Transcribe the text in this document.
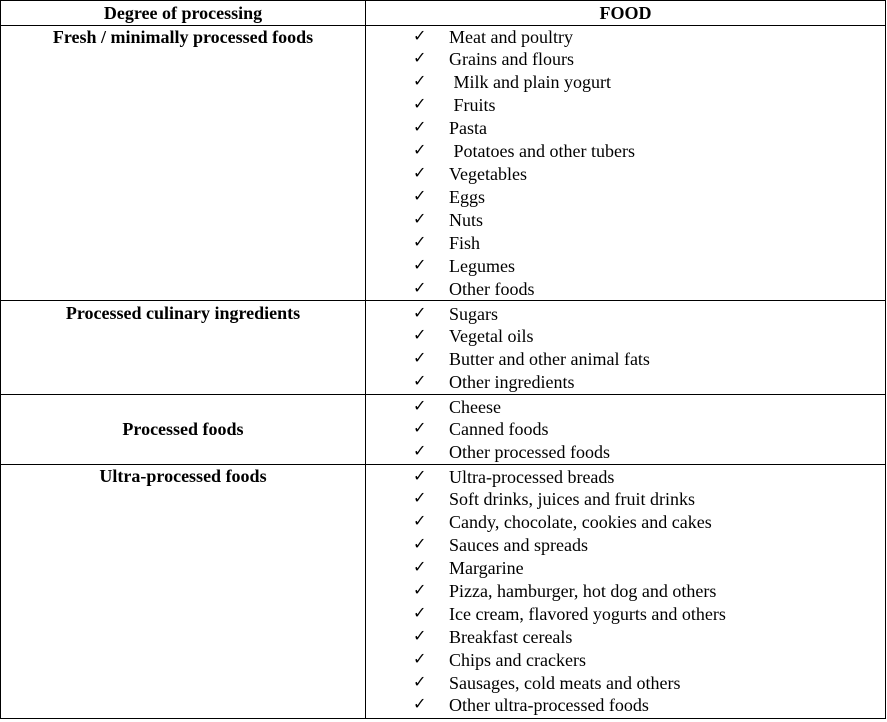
Degree of processing	FOOD
Fresh / minimally processed foods
Processed culinary ingredients
Processed foods
Ultra-processed foods
✓ Meat and poultry
✓ Grains and flours
✓ Milk and plain yogurt
✓ Fruits
✓ Pasta
✓ Potatoes and other tubers
✓ Vegetables
✓ Eggs
✓ Nuts
✓ Fish
✓ Legumes
✓ Other foods
✓ Sugars
✓ Vegetal oils
✓ Butter and other animal fats
✓ Other ingredients
✓ Cheese
✓ Canned foods
✓ Other processed foods
✓ Ultra-processed breads
✓ Soft drinks, juices and fruit drinks
✓ Candy, chocolate, cookies and cakes
✓ Sauces and spreads
✓ Margarine
✓ Pizza, hamburger, hot dog and others
✓ Ice cream, flavored yogurts and others
✓ Breakfast cereals
✓ Chips and crackers
✓ Sausages, cold meats and others
✓ Other ultra-processed foods
